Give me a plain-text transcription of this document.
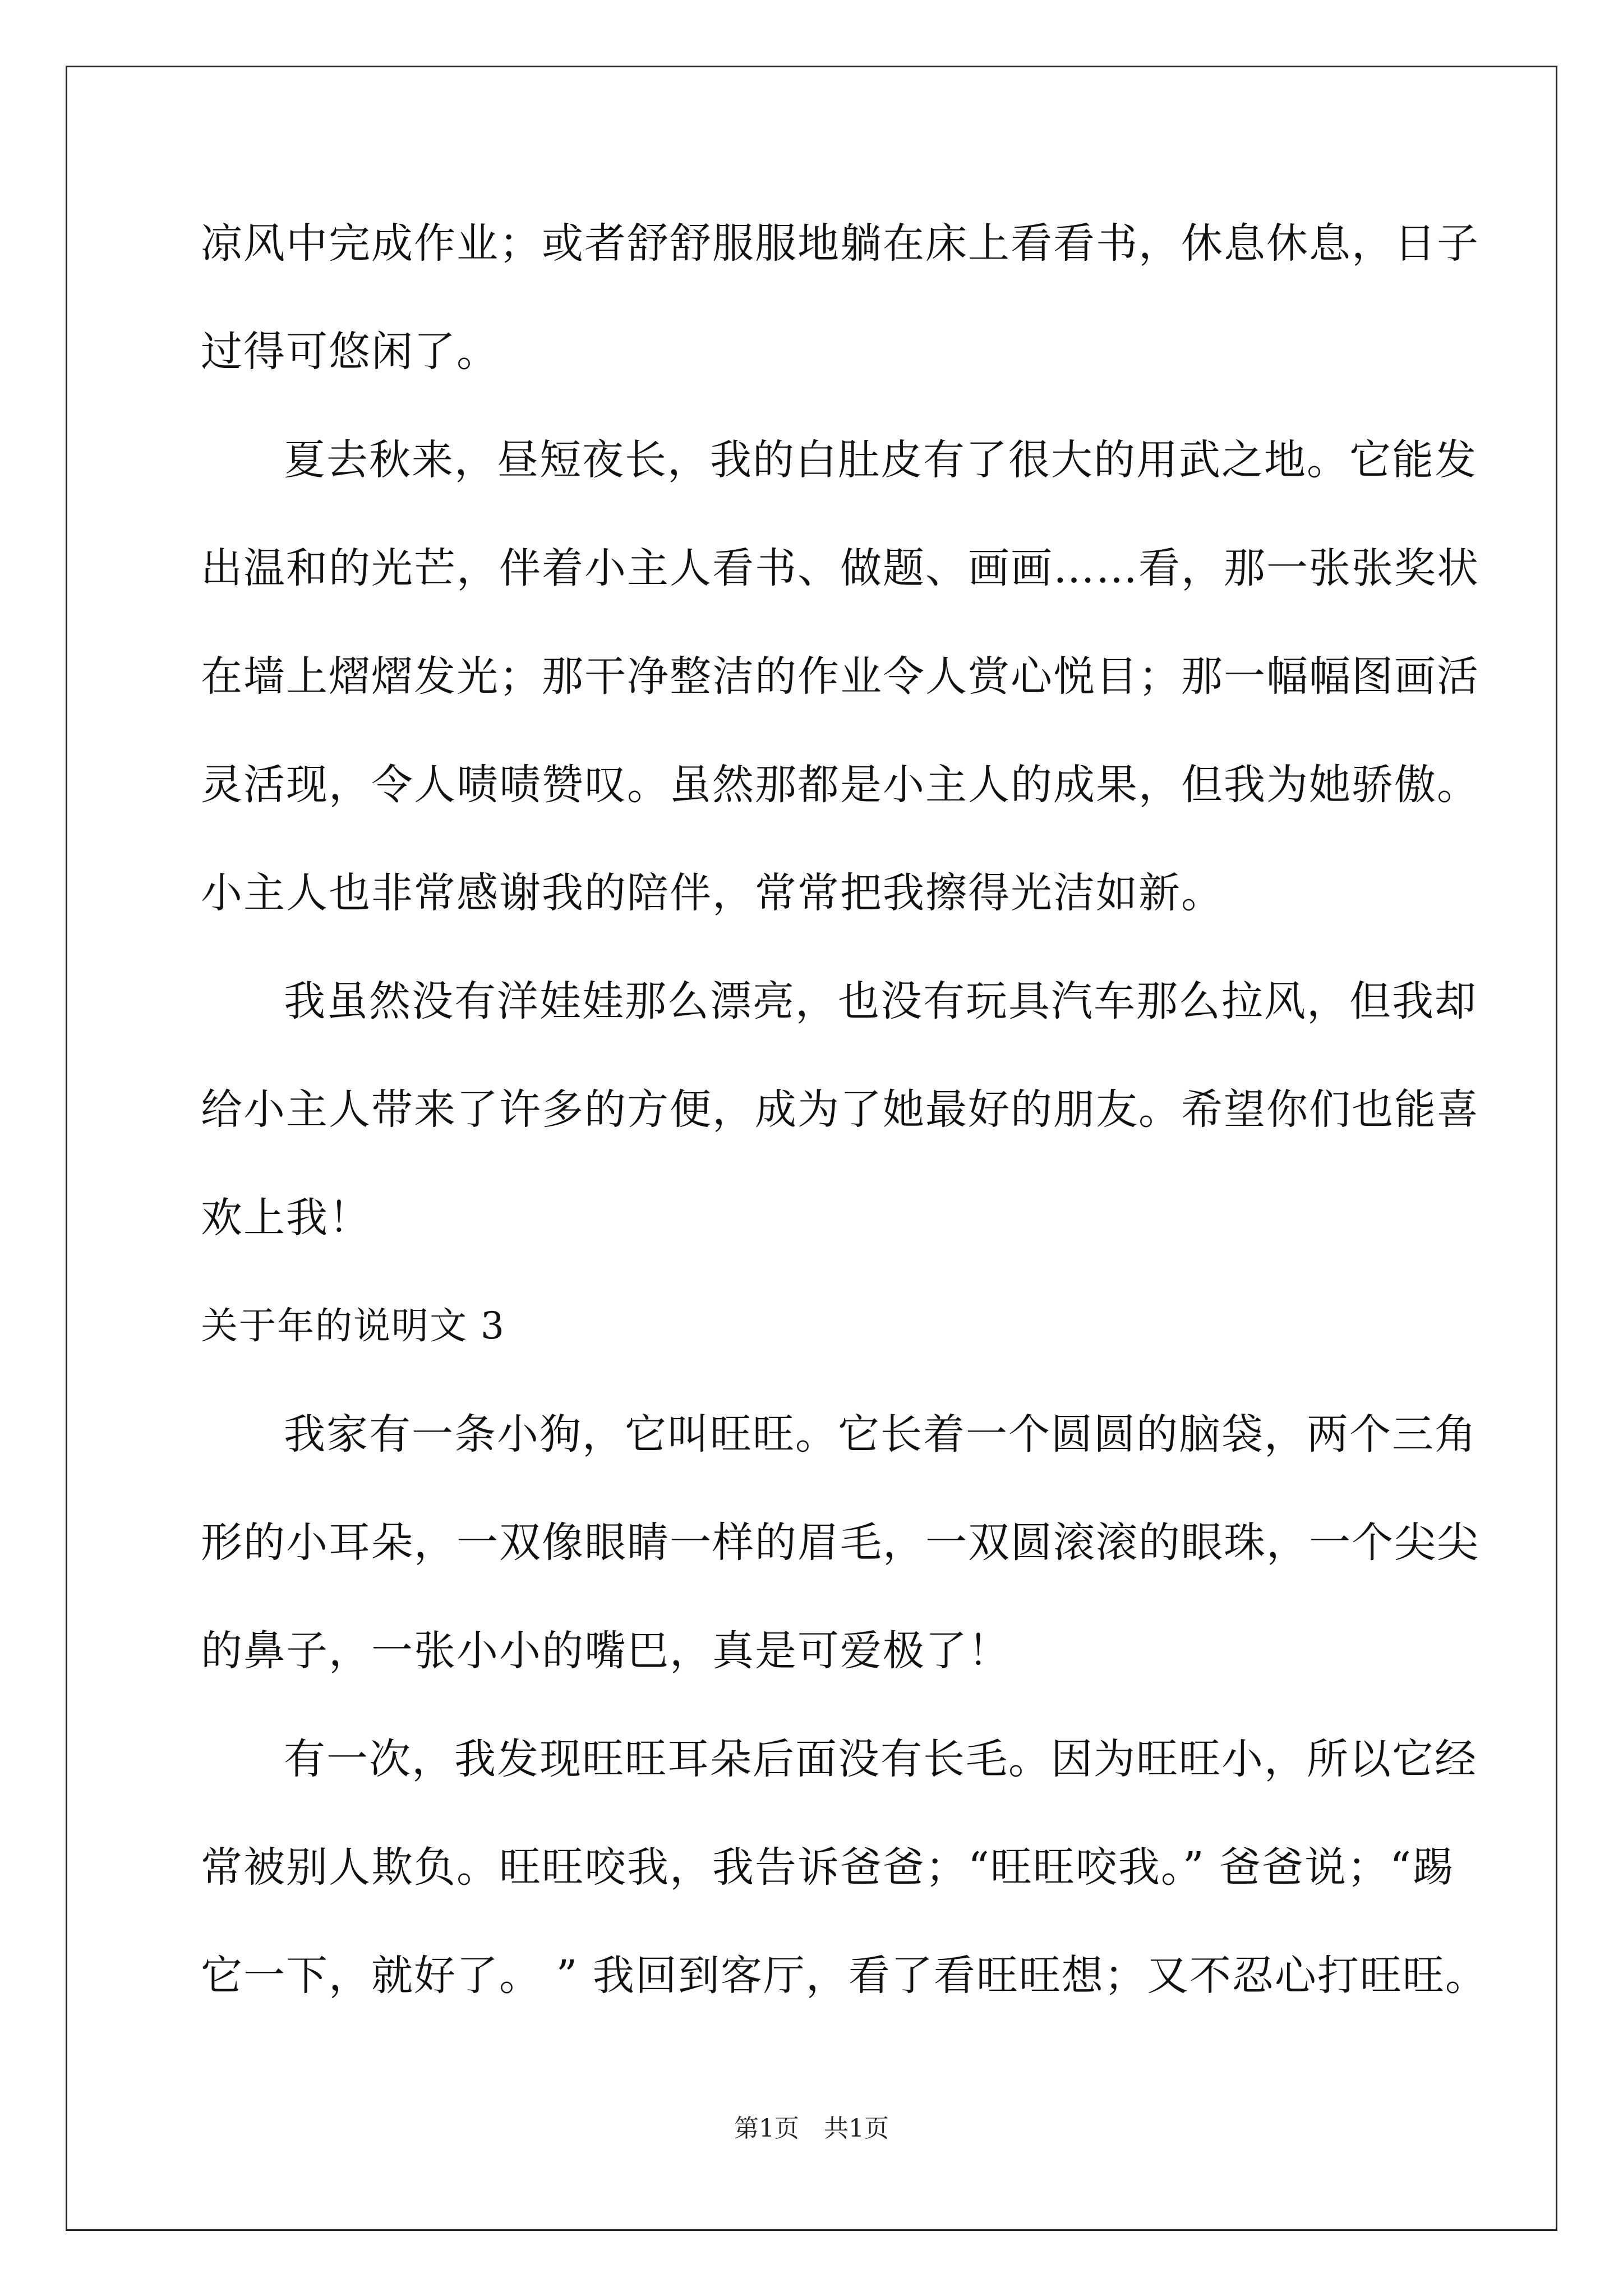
凉风中完成作业；或者舒舒服服地躺在床上看看书，休息休息，日子
过得可悠闲了。
夏去秋来，昼短夜长，我的白肚皮有了很大的用武之地。它能发
出温和的光芒，伴着小主人看书、做题、画画……看，那一张张奖状
在墙上熠熠发光；那干净整洁的作业令人赏心悦目；那一幅幅图画活
灵活现，令人啧啧赞叹。虽然那都是小主人的成果，但我为她骄傲。
小主人也非常感谢我的陪伴，常常把我擦得光洁如新。
我虽然没有洋娃娃那么漂亮，也没有玩具汽车那么拉风，但我却
给小主人带来了许多的方便，成为了她最好的朋友。希望你们也能喜
欢上我！
关于年的说明文 3
我家有一条小狗，它叫旺旺。它长着一个圆圆的脑袋，两个三角
形的小耳朵，一双像眼睛一样的眉毛，一双圆滚滚的眼珠，一个尖尖
的鼻子，一张小小的嘴巴，真是可爱极了！
有一次，我发现旺旺耳朵后面没有长毛。因为旺旺小，所以它经
常被别人欺负。旺旺咬我，我告诉爸爸；“旺旺咬我。” 爸爸说；“踢
它一下，就好了。 ” 我回到客厅，看了看旺旺想；又不忍心打旺旺。
第1页　共1页
